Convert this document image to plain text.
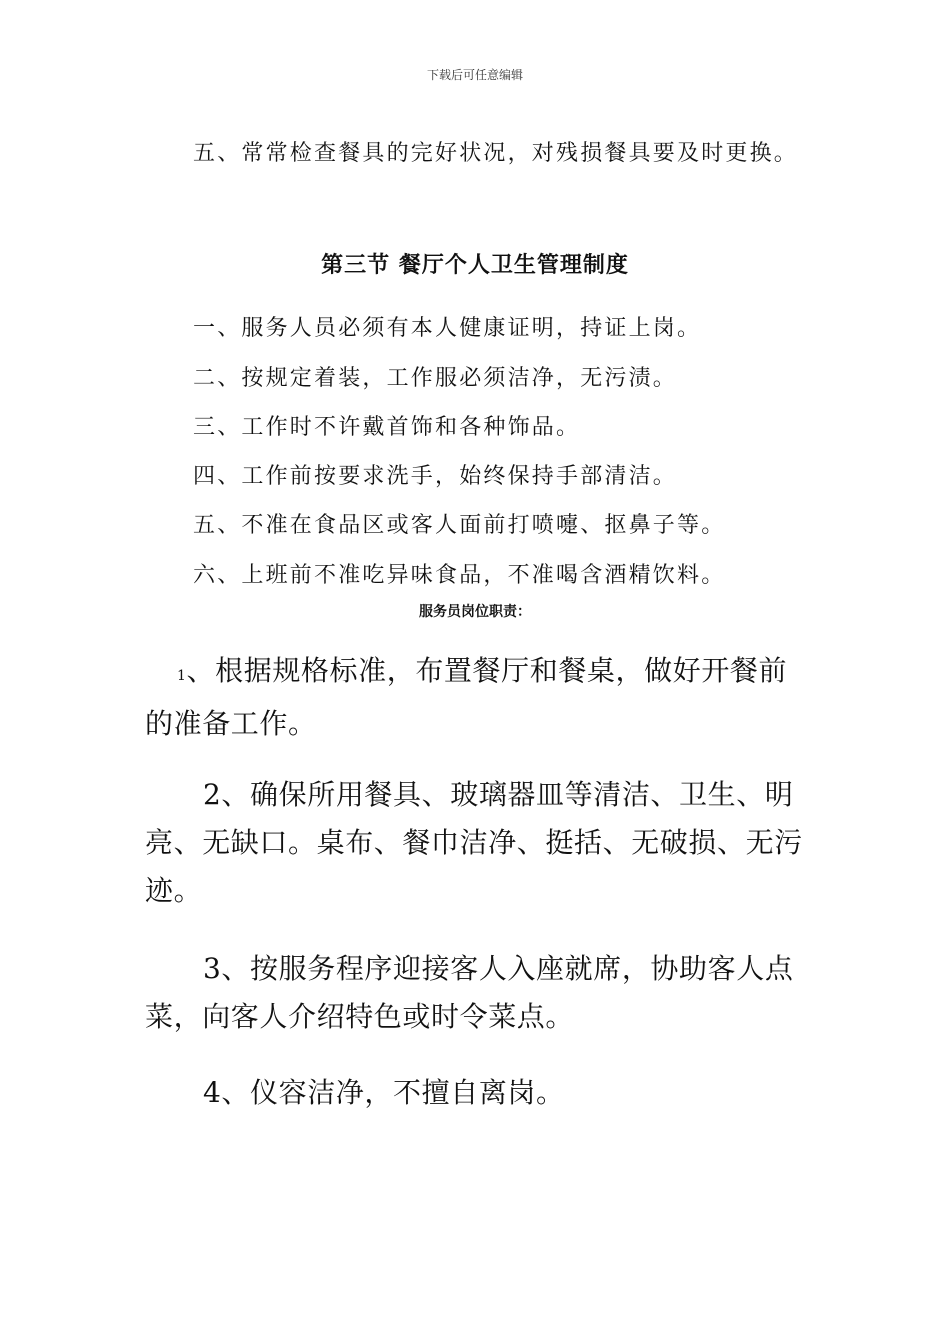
下载后可任意编辑
五、常常检查餐具的完好状况，对残损餐具要及时更换。
第三节 餐厅个人卫生管理制度
一、服务人员必须有本人健康证明，持证上岗。
二、按规定着装，工作服必须洁净，无污渍。
三、工作时不许戴首饰和各种饰品。
四、工作前按要求洗手，始终保持手部清洁。
五、不准在食品区或客人面前打喷嚏、抠鼻子等。
六、上班前不准吃异味食品，不准喝含酒精饮料。
服务员岗位职责：
1、根据规格标准，布置餐厅和餐桌，做好开餐前的准备工作。
2、确保所用餐具、玻璃器皿等清洁、卫生、明亮、无缺口。桌布、餐巾洁净、挺括、无破损、无污迹。
3、按服务程序迎接客人入座就席，协助客人点菜，向客人介绍特色或时令菜点。
4、仪容洁净，不擅自离岗。
